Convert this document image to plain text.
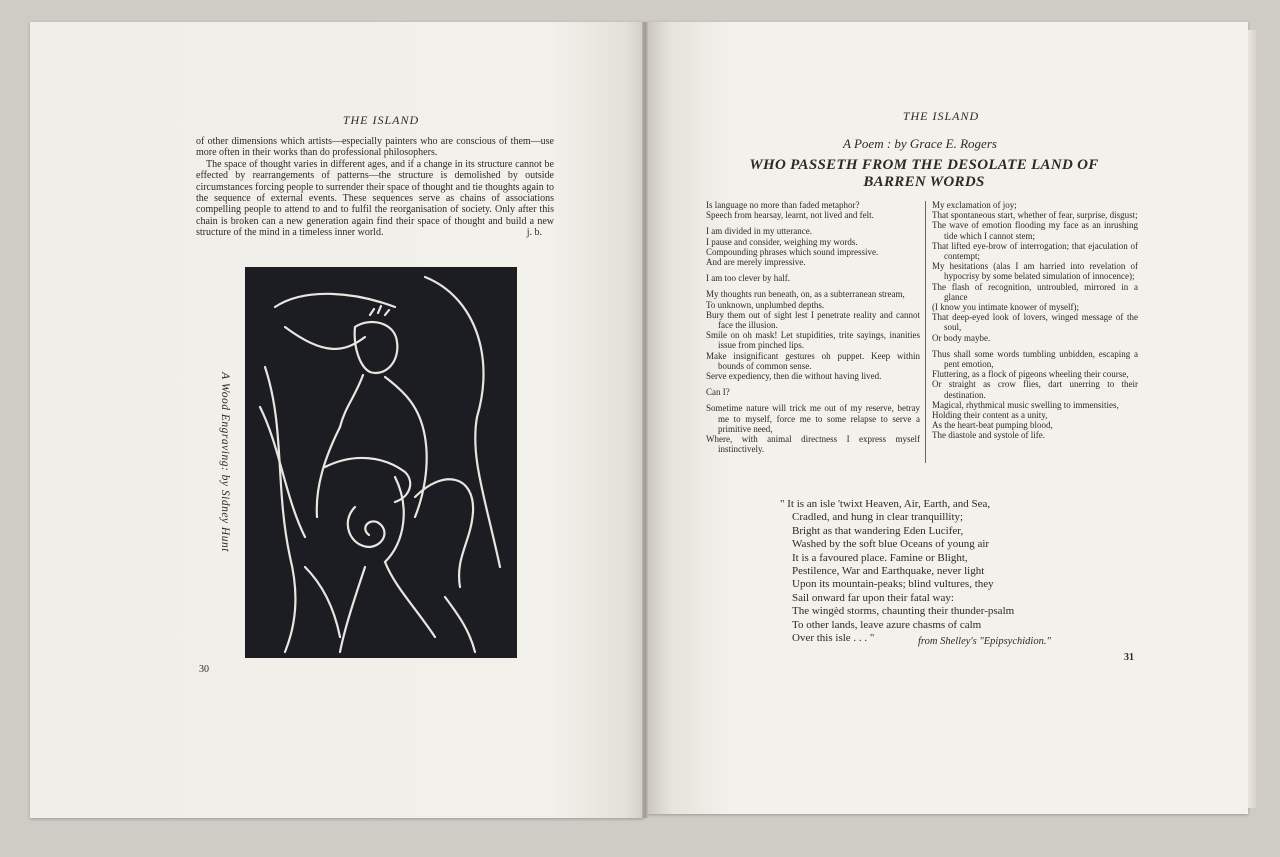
THE ISLAND

of other dimensions which artists—especially painters who are conscious of them—use more often in their works than do professional philosophers.

The space of thought varies in different ages, and if a change in its structure cannot be effected by rearrangements of patterns—the structure is demolished by outside circumstances forcing people to surrender their space of thought and tie thoughts again to the sequence of external events. These sequences serve as chains of associations compelling people to attend to and to fulfil the reorganisation of society. Only after this chain is broken can a new generation again find their space of thought and build a new structure of the mind in a timeless inner world.	j. b.

A Wood Engraving: by Sidney Hunt
30
THE ISLAND
A Poem : by Grace E. Rogers
WHO PASSETH FROM THE DESOLATE LAND OF
BARREN WORDS
Is language no more than faded metaphor?
Speech from hearsay, learnt, not lived and felt.
I am divided in my utterance.
I pause and consider, weighing my words.
Compounding phrases which sound impressive.
And are merely impressive.
I am too clever by half.
My thoughts run beneath, on, as a subterranean stream,
To unknown, unplumbed depths.
Bury them out of sight lest I penetrate reality and cannot face the illusion.
Smile on oh mask! Let stupidities, trite sayings, inanities issue from pinched lips.
Make insignificant gestures oh puppet. Keep within bounds of common sense.
Serve expediency, then die without having lived.
Can I?
Sometime nature will trick me out of my reserve, betray me to myself, force me to some relapse to serve a primitive need,
Where, with animal directness I express myself instinctively.
My exclamation of joy;
That spontaneous start, whether of fear, surprise, disgust;
The wave of emotion flooding my face as an inrushing tide which I cannot stem;
That lifted eye-brow of interrogation; that ejaculation of contempt;
My hesitations (alas I am harried into revelation of hypocrisy by some belated simulation of innocence);
The flash of recognition, untroubled, mirrored in a glance
(I know you intimate knower of myself);
That deep-eyed look of lovers, winged message of the soul,
Or body maybe.
Thus shall some words tumbling unbidden, escaping a pent emotion,
Fluttering, as a flock of pigeons wheeling their course,
Or straight as crow flies, dart unerring to their destination.
Magical, rhythmical music swelling to immensities,
Holding their content as a unity,
As the heart-beat pumping blood,
The diastole and systole of life.
" It is an isle 'twixt Heaven, Air, Earth, and Sea,
Cradled, and hung in clear tranquillity;
Bright as that wandering Eden Lucifer,
Washed by the soft blue Oceans of young air
It is a favoured place. Famine or Blight,
Pestilence, War and Earthquake, never light
Upon its mountain-peaks; blind vultures, they
Sail onward far upon their fatal way:
The wingèd storms, chaunting their thunder-psalm
To other lands, leave azure chasms of calm
Over this isle . . . "	from Shelley's "Epipsychidion."
31
